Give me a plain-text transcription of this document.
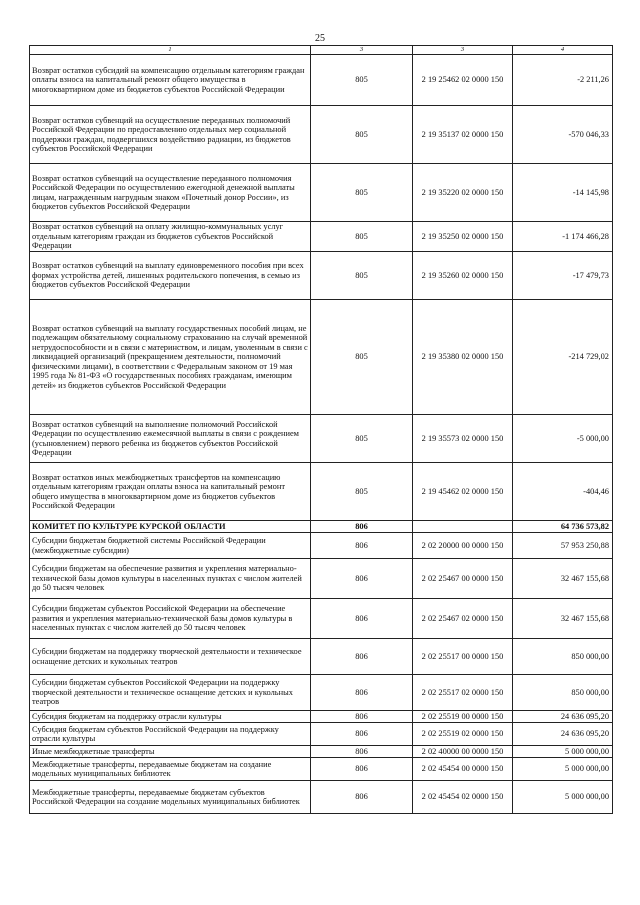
25
1	3	3	4
Возврат остатков субсидий на компенсацию отдельным категориям граждан оплаты взноса на капитальный ремонт общего имущества в многоквартирном доме из бюджетов субъектов Российской Федерации	805	2 19 25462 02 0000 150	-2 211,26
Возврат остатков субвенций на осуществление переданных полномочий Российской Федерации по предоставлению отдельных мер социальной поддержки граждан, подвергшихся воздействию радиации, из бюджетов субъектов Российской Федерации	805	2 19 35137 02 0000 150	-570 046,33
Возврат остатков субвенций на осуществление переданного полномочия Российской Федерации по осуществлению ежегодной денежной выплаты лицам, награжденным нагрудным знаком «Почетный донор России», из бюджетов субъектов Российской Федерации	805	2 19 35220 02 0000 150	-14 145,98
Возврат остатков субвенций на оплату жилищно-коммунальных услуг отдельным категориям граждан из бюджетов субъектов Российской Федерации	805	2 19 35250 02 0000 150	-1 174 466,28
Возврат остатков субвенций на выплату единовременного пособия при всех формах устройства детей, лишенных родительского попечения, в семью из бюджетов субъектов Российской Федерации	805	2 19 35260 02 0000 150	-17 479,73
Возврат остатков субвенций на выплату государственных пособий лицам, не подлежащим обязательному социальному страхованию на случай временной нетрудоспособности и в связи с материнством, и лицам, уволенным в связи с ликвидацией организаций (прекращением деятельности, полномочий физическими лицами), в соответствии с Федеральным законом от 19 мая 1995 года № 81-ФЗ «О государственных пособиях гражданам, имеющим детей» из бюджетов субъектов Российской Федерации	805	2 19 35380 02 0000 150	-214 729,02
Возврат остатков субвенций на выполнение полномочий Российской Федерации по осуществлению ежемесячной выплаты в связи с рождением (усыновлением) первого ребенка из бюджетов субъектов Российской Федерации	805	2 19 35573 02 0000 150	-5 000,00
Возврат остатков иных межбюджетных трансфертов на компенсацию отдельным категориям граждан оплаты взноса на капитальный ремонт общего имущества в многоквартирном доме из бюджетов субъектов Российской Федерации	805	2 19 45462 02 0000 150	-404,46
КОМИТЕТ ПО КУЛЬТУРЕ КУРСКОЙ ОБЛАСТИ	806		64 736 573,82
Субсидии бюджетам бюджетной системы Российской Федерации (межбюджетные субсидии)	806	2 02 20000 00 0000 150	57 953 250,88
Субсидии бюджетам на обеспечение развития и укрепления материально-технической базы домов культуры в населенных пунктах с числом жителей до 50 тысяч человек	806	2 02 25467 00 0000 150	32 467 155,68
Субсидии бюджетам субъектов Российской Федерации на обеспечение развития и укрепления материально-технической базы домов культуры в населенных пунктах с числом жителей до 50 тысяч человек	806	2 02 25467 02 0000 150	32 467 155,68
Субсидии бюджетам на поддержку творческой деятельности и техническое оснащение детских и кукольных театров	806	2 02 25517 00 0000 150	850 000,00
Субсидии бюджетам субъектов Российской Федерации на поддержку творческой деятельности и техническое оснащение детских и кукольных театров	806	2 02 25517 02 0000 150	850 000,00
Субсидия бюджетам на поддержку отрасли культуры	806	2 02 25519 00 0000 150	24 636 095,20
Субсидия бюджетам субъектов Российской Федерации на поддержку отрасли культуры	806	2 02 25519 02 0000 150	24 636 095,20
Иные межбюджетные трансферты	806	2 02 40000 00 0000 150	5 000 000,00
Межбюджетные трансферты, передаваемые бюджетам на создание модельных муниципальных библиотек	806	2 02 45454 00 0000 150	5 000 000,00
Межбюджетные трансферты, передаваемые бюджетам субъектов Российской Федерации на создание модельных муниципальных библиотек	806	2 02 45454 02 0000 150	5 000 000,00
